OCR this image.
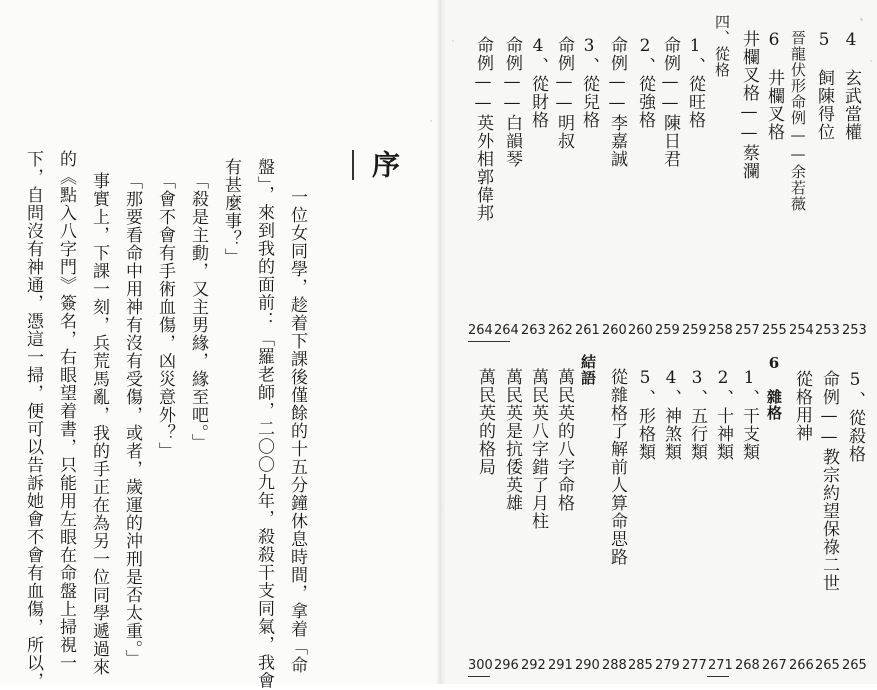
4　玄武當權
5　飼陳得位
晉龍伏形命例——余若薇
6　井欄叉格
井欄叉格——蔡瀾
四、從格
1、從旺格
命例——陳日君
2、從強格
命例——李嘉誠
3、從兒格
命例——明叔
4、從財格
命例——白韻琴
命例——英外相郭偉邦
264 264 263 262 261 260 260 259 259 258 257 255 254 253 253
5、從殺格
命例——教宗約望保祿二世
從格用神
6　雜格
1、干支類
2、十神類
3、五行類
4、神煞類
5、形格類
從雜格了解前人算命思路
結語
萬民英的八字命格
萬民英八字錯了月柱
萬民英是抗倭英雄
萬民英的格局
300 296 292 291 290 288 285 279 277 271 268 267 266 265 265
序
一位女同學，趁着下課後僅餘的十五分鐘休息時間，拿着「命
盤」，來到我的面前：「羅老師，二〇〇九年，殺殺干支同氣，我會
有甚麼事？」
「殺是主動，又主男緣，緣至吧。」
「會不會有手術血傷，凶災意外？」
「那要看命中用神有沒有受傷，或者，歲運的沖刑是否太重。」
事實上，下課一刻，兵荒馬亂，我的手正在為另一位同學遞過來
的《點入八字門》簽名，右眼望着書，只能用左眼在命盤上掃視一
下，自問沒有神通，憑這一掃，便可以告訴她會不會有血傷，所以，
